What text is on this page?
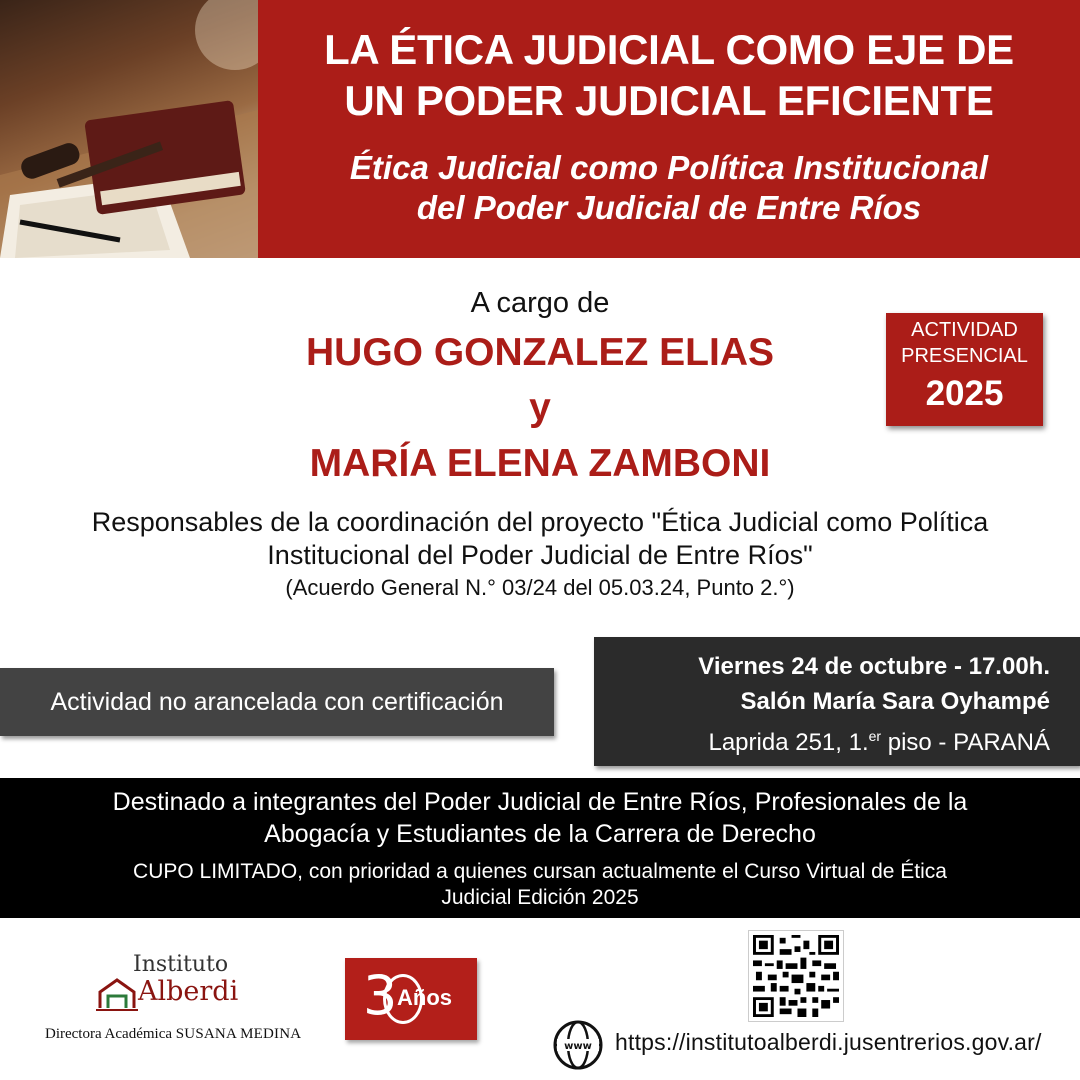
LA ÉTICA JUDICIAL COMO EJE DE
UN PODER JUDICIAL EFICIENTE
Ética Judicial como Política Institucional
del Poder Judicial de Entre Ríos
A cargo de
HUGO GONZALEZ ELIAS
y
MARÍA ELENA ZAMBONI
Responsables de la coordinación del proyecto "Ética Judicial como Política
Institucional del Poder Judicial de Entre Ríos"
(Acuerdo General N.° 03/24 del 05.03.24, Punto 2.°)
ACTIVIDAD
PRESENCIAL
2025
Actividad no arancelada con certificación
Viernes 24 de octubre - 17.00h.
Salón María Sara Oyhampé
Laprida 251, 1.$^{er}$ piso - PARANÁ
Destinado a integrantes del Poder Judicial de Entre Ríos, Profesionales de la
Abogacía y Estudiantes de la Carrera de Derecho
CUPO LIMITADO, con prioridad a quienes cursan actualmente el Curso Virtual de Ética
Judicial Edición 2025
Instituto
Alberdi
Directora Académica SUSANA MEDINA
3 Años
www https://institutoalberdi.jusentrerios.gov.ar/
